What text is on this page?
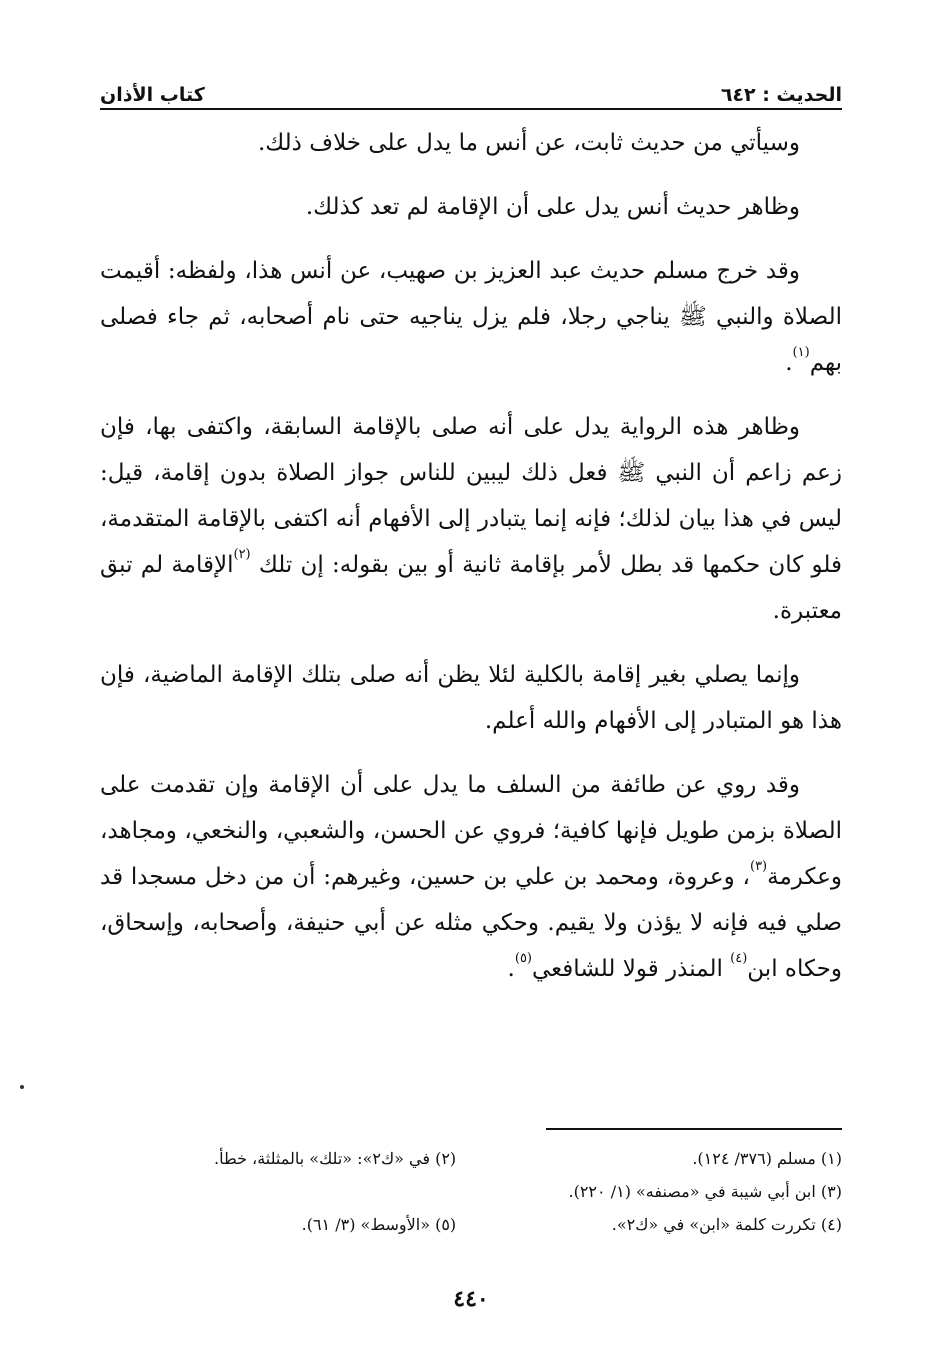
الحديث : ٦٤٢
كتاب الأذان

وسيأتي من حديث ثابت، عن أنس ما يدل على خلاف ذلك.

وظاهر حديث أنس يدل على أن الإقامة لم تعد كذلك.

وقد خرج مسلم حديث عبد العزيز بن صهيب، عن أنس هذا، ولفظه: أقيمت الصلاة والنبي ﷺ يناجي رجلا، فلم يزل يناجيه حتى نام أصحابه، ثم جاء فصلى بهم$^{(١)}$.

وظاهر هذه الرواية يدل على أنه صلى بالإقامة السابقة، واكتفى بها، فإن زعم زاعم أن النبي ﷺ فعل ذلك ليبين للناس جواز الصلاة بدون إقامة، قيل: ليس في هذا بيان لذلك؛ فإنه إنما يتبادر إلى الأفهام أنه اكتفى بالإقامة المتقدمة، فلو كان حكمها قد بطل لأمر بإقامة ثانية أو بين بقوله: إن تلك $^{(٢)}$الإقامة لم تبق معتبرة.

وإنما يصلي بغير إقامة بالكلية لئلا يظن أنه صلى بتلك الإقامة الماضية، فإن هذا هو المتبادر إلى الأفهام والله أعلم.

وقد روي عن طائفة من السلف ما يدل على أن الإقامة وإن تقدمت على الصلاة بزمن طويل فإنها كافية؛ فروي عن الحسن، والشعبي، والنخعي، ومجاهد، وعكرمة$^{(٣)}$، وعروة، ومحمد بن علي بن حسين، وغيرهم: أن من دخل مسجدا قد صلي فيه فإنه لا يؤذن ولا يقيم. وحكي مثله عن أبي حنيفة، وأصحابه، وإسحاق، وحكاه ابن$^{(٤)}$ المنذر قولا للشافعي$^{(٥)}$.

(١) مسلم (٣٧٦/ ١٢٤).
(٢) في «ك٢»: «تلك» بالمثلثة، خطأ.
(٣) ابن أبي شيبة في «مصنفه» (١/ ٢٢٠).
(٤) تكررت كلمة «ابن» في «ك٢».
(٥) «الأوسط» (٣/ ٦١).
٤٤٠
